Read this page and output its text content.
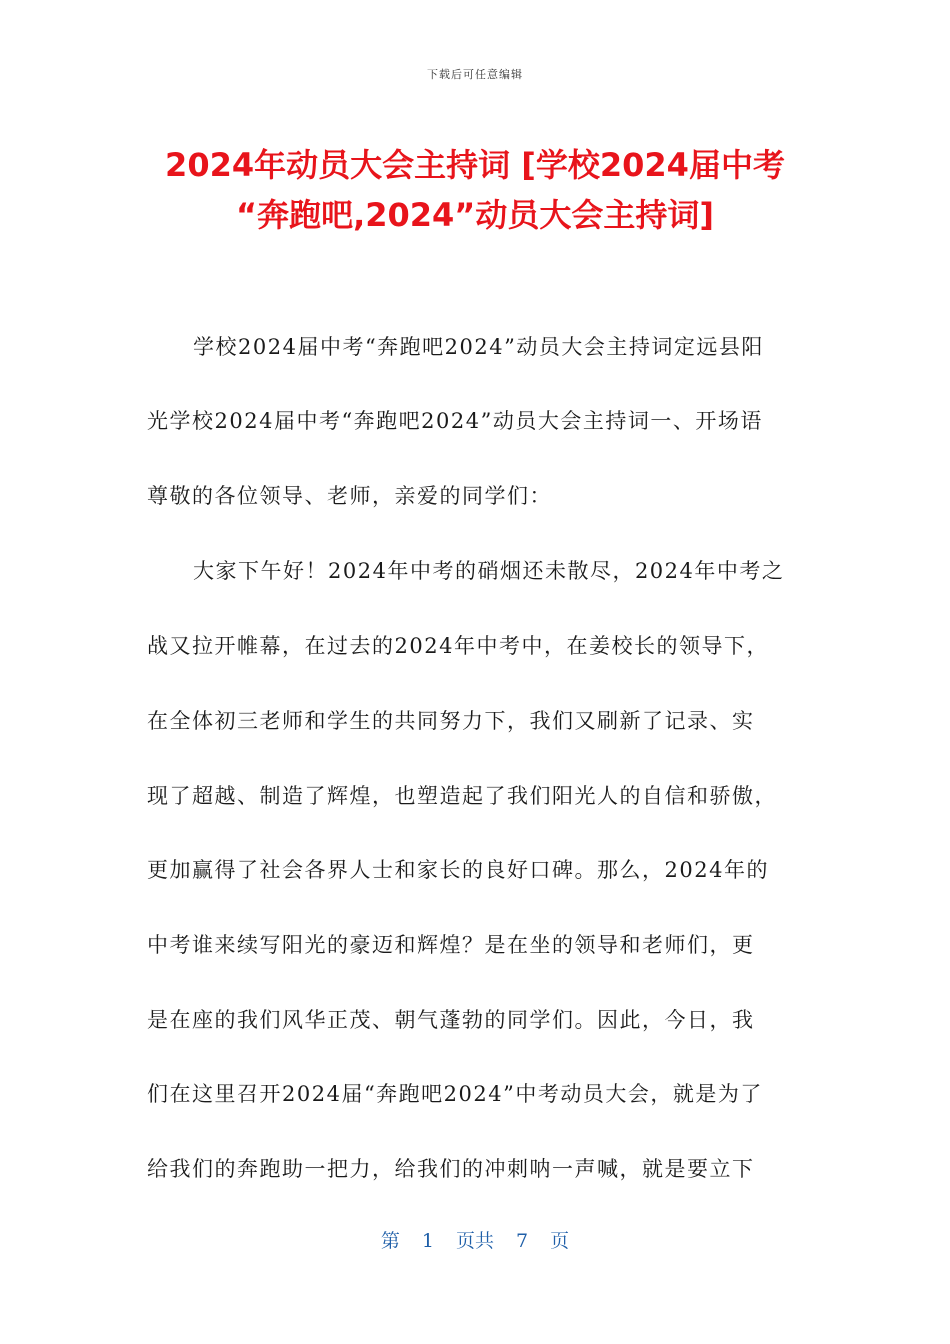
下载后可任意编辑
2024年动员大会主持词 [学校2024届中考
“奔跑吧,2024”动员大会主持词]
学校2024届中考“奔跑吧2024”动员大会主持词定远县阳
光学校2024届中考“奔跑吧2024”动员大会主持词一、开场语
尊敬的各位领导、老师，亲爱的同学们：
大家下午好！2024年中考的硝烟还未散尽，2024年中考之
战又拉开帷幕，在过去的2024年中考中，在姜校长的领导下，
在全体初三老师和学生的共同努力下，我们又刷新了记录、实
现了超越、制造了辉煌，也塑造起了我们阳光人的自信和骄傲，
更加赢得了社会各界人士和家长的良好口碑。那么，2024年的
中考谁来续写阳光的豪迈和辉煌？是在坐的领导和老师们，更
是在座的我们风华正茂、朝气蓬勃的同学们。因此，今日，我
们在这里召开2024届“奔跑吧2024”中考动员大会，就是为了
给我们的奔跑助一把力，给我们的冲刺呐一声喊，就是要立下
第 1 页共 7 页
